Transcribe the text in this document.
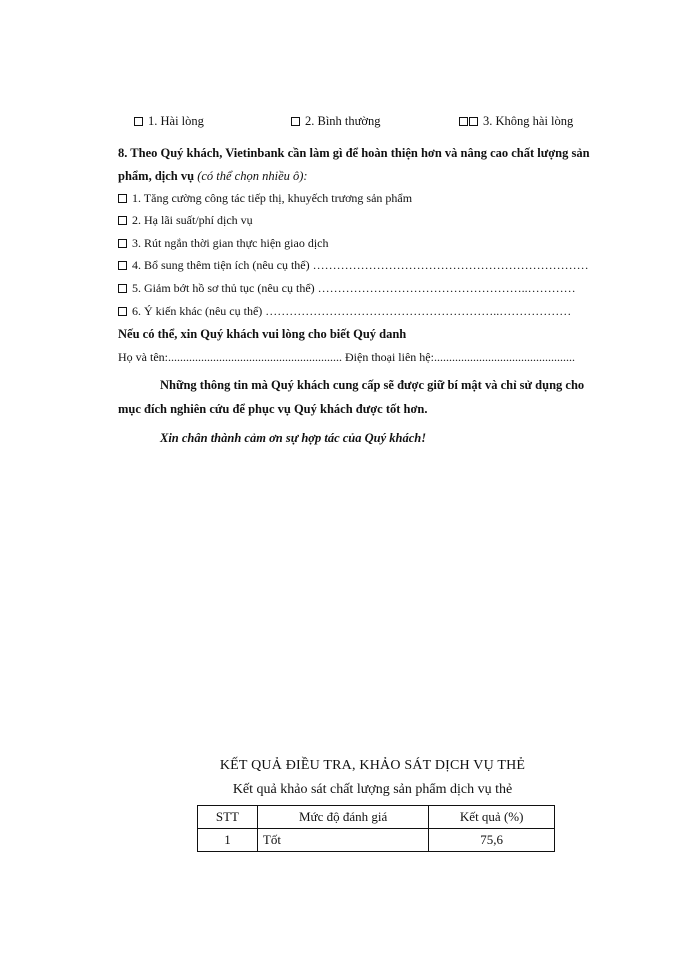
1. Hài lòng	2. Bình thường	3. Không hài lòng
8. Theo Quý khách, Vietinbank cần làm gì để hoàn thiện hơn và nâng cao chất lượng sản
phẩm, dịch vụ (có thể chọn nhiều ô):
1. Tăng cường công tác tiếp thị, khuyếch trương sản phẩm
2. Hạ lãi suất/phí dịch vụ
3. Rút ngắn thời gian thực hiện giao dịch
4. Bổ sung thêm tiện ích (nêu cụ thể) ……………………………………………………………
5. Giảm bớt hồ sơ thủ tục (nêu cụ thể) ……………………………………………..…………
6. Ý kiến khác (nêu cụ thể) …………………………………………………..………………
Nếu có thể, xin Quý khách vui lòng cho biết Quý danh
Họ và tên:.......................................................... Điện thoại liên hệ:...............................................
Những thông tin mà Quý khách cung cấp sẽ được giữ bí mật và chỉ sử dụng cho
mục đích nghiên cứu để phục vụ Quý khách được tốt hơn.
Xin chân thành cảm ơn sự hợp tác của Quý khách!
KẾT QUẢ ĐIỀU TRA, KHẢO SÁT DỊCH VỤ THẺ
Kết quả khảo sát chất lượng sản phẩm dịch vụ thẻ
STT	Mức độ đánh giá	Kết quả (%)
1	Tốt	75,6
